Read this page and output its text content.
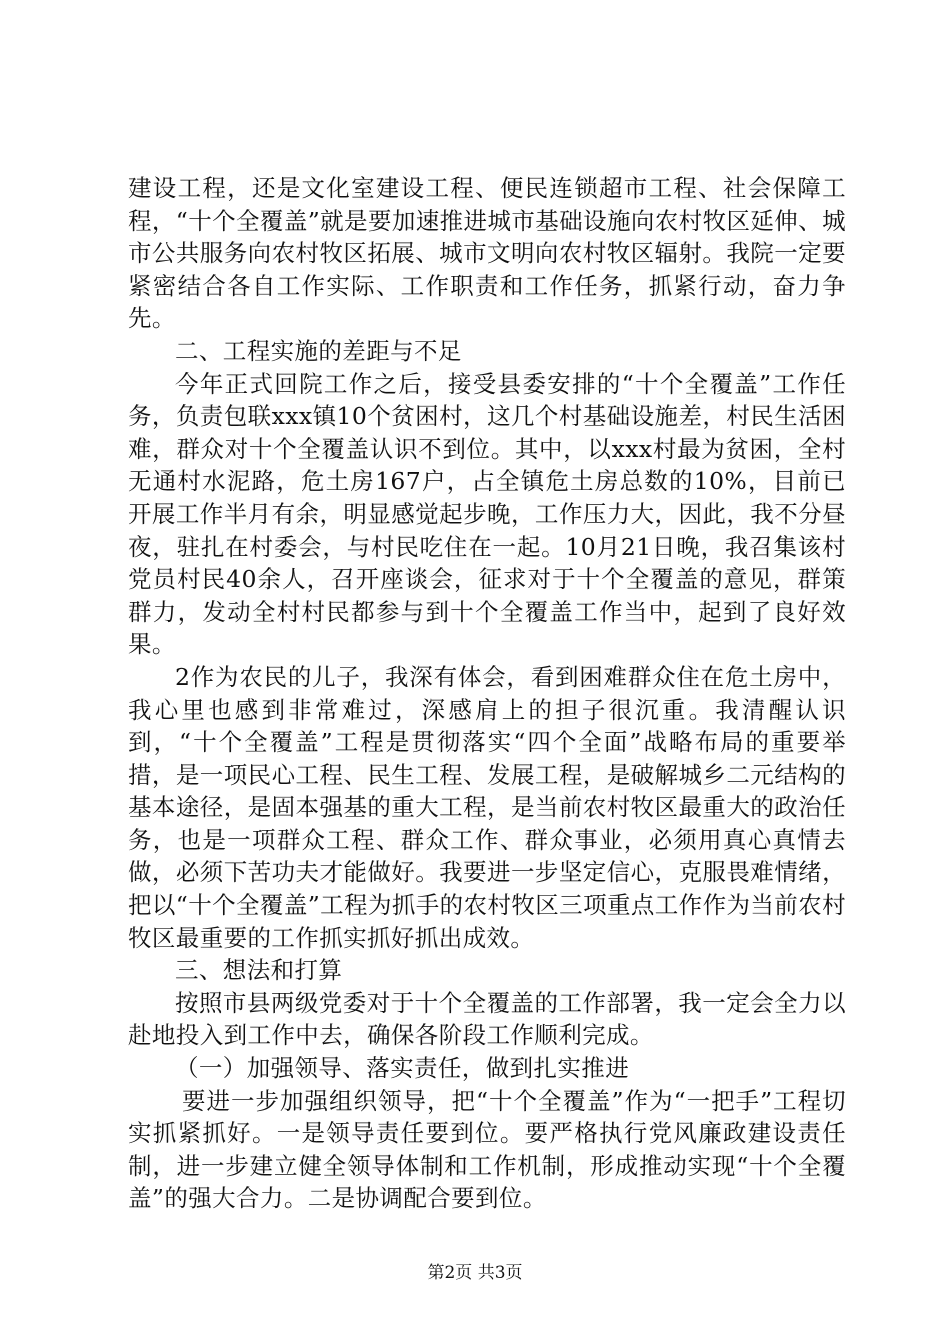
建设工程，还是文化室建设工程、便民连锁超市工程、社会保障工程，“十个全覆盖”就是要加速推进城市基础设施向农村牧区延伸、城市公共服务向农村牧区拓展、城市文明向农村牧区辐射。我院一定要紧密结合各自工作实际、工作职责和工作任务，抓紧行动，奋力争先。

二、工程实施的差距与不足

今年正式回院工作之后，接受县委安排的“十个全覆盖”工作任务，负责包联xxx镇10个贫困村，这几个村基础设施差，村民生活困难，群众对十个全覆盖认识不到位。其中，以xxx村最为贫困，全村无通村水泥路，危土房167户，占全镇危土房总数的10%，目前已开展工作半月有余，明显感觉起步晚，工作压力大，因此，我不分昼夜，驻扎在村委会，与村民吃住在一起。10月21日晚，我召集该村党员村民40余人，召开座谈会，征求对于十个全覆盖的意见，群策群力，发动全村村民都参与到十个全覆盖工作当中，起到了良好效果。

2作为农民的儿子，我深有体会，看到困难群众住在危土房中，我心里也感到非常难过，深感肩上的担子很沉重。我清醒认识到，“十个全覆盖”工程是贯彻落实“四个全面”战略布局的重要举措，是一项民心工程、民生工程、发展工程，是破解城乡二元结构的基本途径，是固本强基的重大工程，是当前农村牧区最重大的政治任务，也是一项群众工程、群众工作、群众事业，必须用真心真情去做，必须下苦功夫才能做好。我要进一步坚定信心，克服畏难情绪，把以“十个全覆盖”工程为抓手的农村牧区三项重点工作作为当前农村牧区最重要的工作抓实抓好抓出成效。

三、想法和打算

按照市县两级党委对于十个全覆盖的工作部署，我一定会全力以赴地投入到工作中去，确保各阶段工作顺利完成。

（一）加强领导、落实责任，做到扎实推进

要进一步加强组织领导，把“十个全覆盖”作为“一把手”工程切实抓紧抓好。一是领导责任要到位。要严格执行党风廉政建设责任制，进一步建立健全领导体制和工作机制，形成推动实现“十个全覆盖”的强大合力。二是协调配合要到位。

第2页 共3页
